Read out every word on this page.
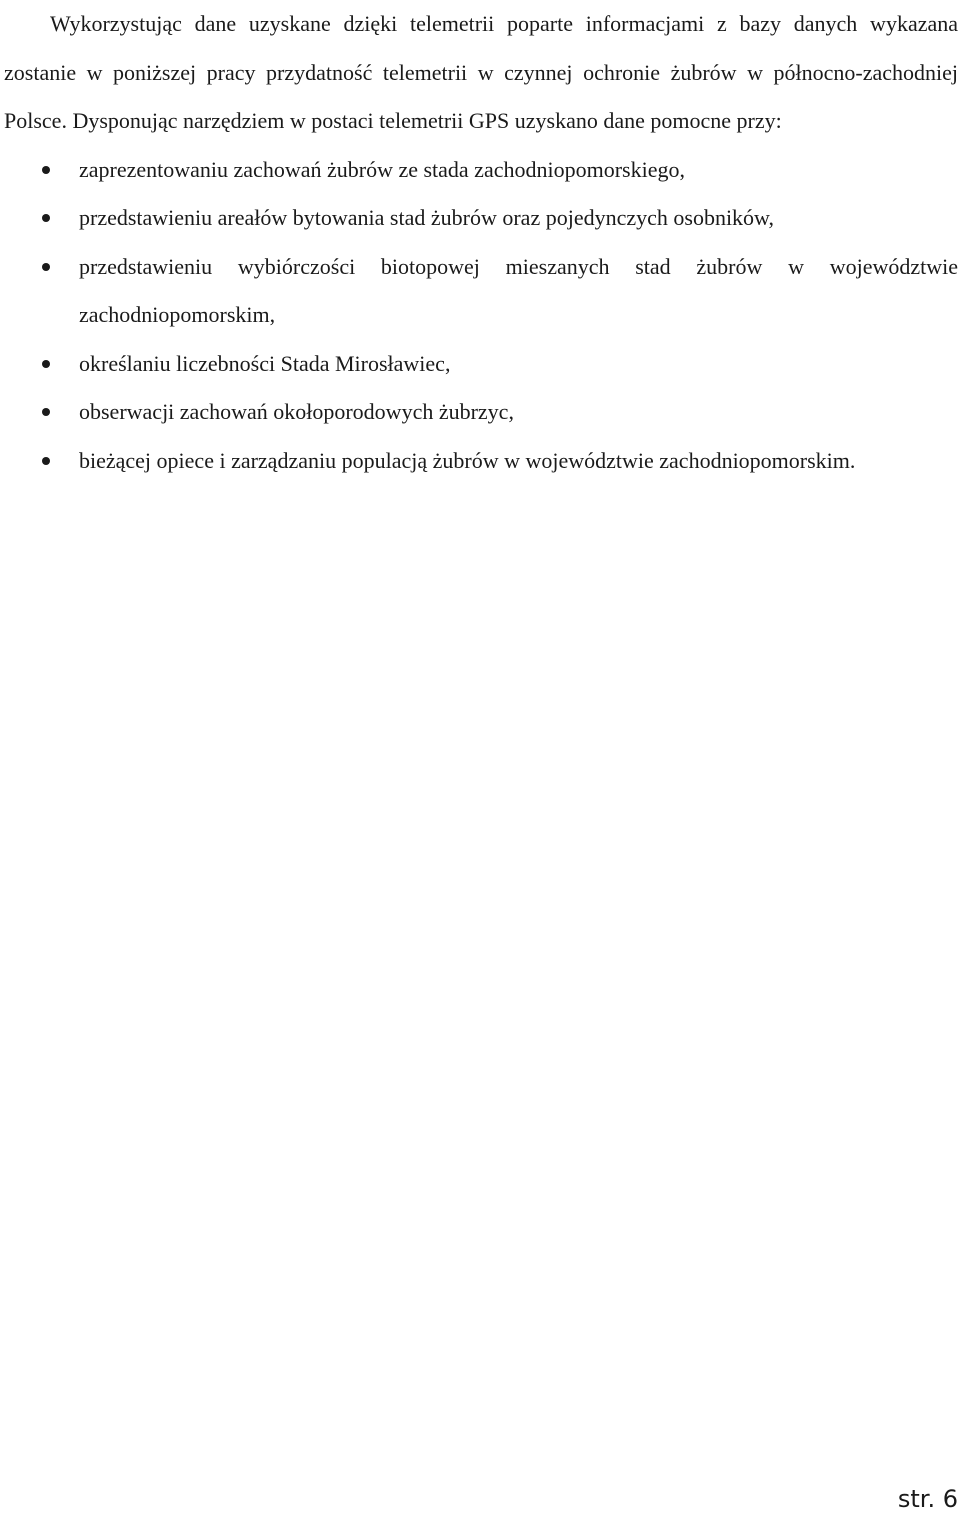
Wykorzystując dane uzyskane dzięki telemetrii poparte informacjami z bazy danych wykazana zostanie w poniższej pracy przydatność telemetrii w czynnej ochronie żubrów w północno-zachodniej Polsce. Dysponując narzędziem w postaci telemetrii GPS uzyskano dane pomocne przy:

zaprezentowaniu zachowań żubrów ze stada zachodniopomorskiego,
przedstawieniu areałów bytowania stad żubrów oraz pojedynczych osobników,
przedstawieniu wybiórczości biotopowej mieszanych stad żubrów w województwie zachodniopomorskim,
określaniu liczebności Stada Mirosławiec,
obserwacji zachowań okołoporodowych żubrzyc,
bieżącej opiece i zarządzaniu populacją żubrów w województwie zachodniopomorskim.
str. 6
